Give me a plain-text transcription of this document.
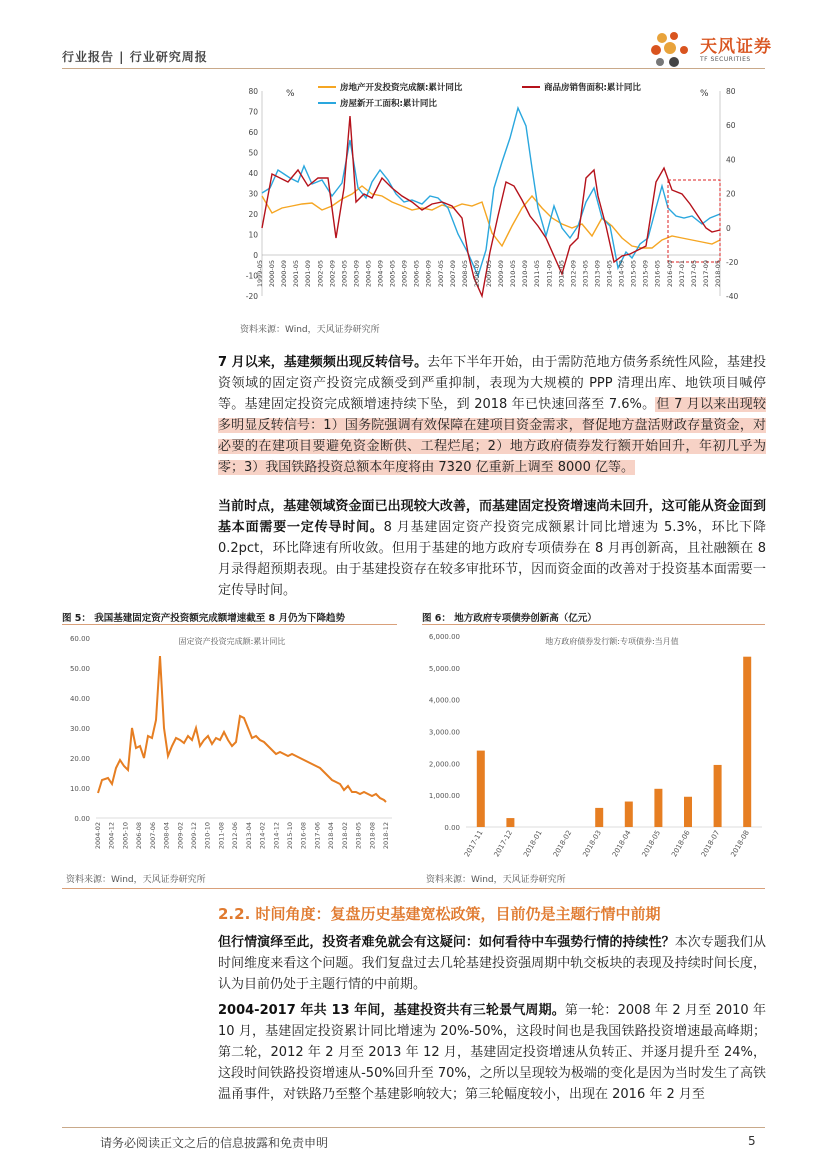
行业报告 | 行业研究周报	天风证券
TF SECURITIES
房地产开发投资完成额:累计同比	商品房销售面积:累计同比
房屋新开工面积:累计同比
%	%
80
70
60
50
40
30
20
10
0
-10
-20
80
60
40
20
0
-20
-40
1999-05 2000-05 2000-09 2001-05 2001-09 2002-05 2002-09 2003-05 2003-09 2004-05 2004-09 2005-05 2005-09 2006-05 2006-09 2007-05 2007-09 2008-05 2008-09 2009-05 2009-09 2010-05 2010-09 2011-05 2011-09 2012-05 2012-09 2013-05 2013-09 2014-05 2014-09 2015-05 2015-09 2016-05 2016-09 2017-01 2017-05 2017-09 2018-05
资料来源：Wind，天风证券研究所
7 月以来，基建频频出现反转信号。去年下半年开始，由于需防范地方债务系统性风险，基建投资领域的固定资产投资完成额受到严重抑制，表现为大规模的 PPP 清理出库、地铁项目喊停等。基建固定投资完成额增速持续下坠，到 2018 年已快速回落至 7.6%。但 7 月以来出现较多明显反转信号：1）国务院强调有效保障在建项目资金需求，督促地方盘活财政存量资金，对必要的在建项目要避免资金断供、工程烂尾；2）地方政府债券发行额开始回升，年初几乎为零；3）我国铁路投资总额本年度将由 7320 亿重新上调至 8000 亿等。
当前时点，基建领域资金面已出现较大改善，而基建固定投资增速尚未回升，这可能从资金面到基本面需要一定传导时间。8 月基建固定资产投资完成额累计同比增速为 5.3%，环比下降 0.2pct，环比降速有所收敛。但用于基建的地方政府专项债券在 8 月再创新高，且社融额在 8 月录得超预期表现。由于基建投资存在较多审批环节，因而资金面的改善对于投资基本面需要一定传导时间。
图 5： 我国基建固定资产投资额完成额增速截至 8 月仍为下降趋势	图 6： 地方政府专项债券创新高（亿元）
固定资产投资完成额:累计同比
60.00
50.00
40.00
30.00
20.00
10.00
0.00
2004-02 2004-12 2005-10 2006-08 2007-06 2008-04 2009-02 2009-12 2010-10 2011-08 2012-06 2013-04 2014-02 2014-12 2015-10 2016-08 2017-06 2018-04 2018-02 2018-05 2018-08 2018-12
资料来源：Wind，天风证券研究所
地方政府债券发行额:专项债券:当月值
6,000.00
5,000.00
4,000.00
3,000.00
2,000.00
1,000.00
0.00
2017-11 2017-12 2018-01 2018-02 2018-03 2018-04 2018-05 2018-06 2018-07 2018-08
资料来源：Wind，天风证券研究所
2.2. 时间角度：复盘历史基建宽松政策，目前仍是主题行情中前期
但行情演绎至此，投资者难免就会有这疑问：如何看待中车强势行情的持续性？本次专题我们从时间维度来看这个问题。我们复盘过去几轮基建投资强周期中轨交板块的表现及持续时间长度，认为目前仍处于主题行情的中前期。
2004-2017 年共 13 年间，基建投资共有三轮景气周期。第一轮：2008 年 2 月至 2010 年 10 月，基建固定投资累计同比增速为 20%-50%，这段时间也是我国铁路投资增速最高峰期；第二轮，2012 年 2 月至 2013 年 12 月，基建固定投资增速从负转正、并逐月提升至 24%，这段时间铁路投资增速从-50%回升至 70%，之所以呈现较为极端的变化是因为当时发生了高铁温甬事件，对铁路乃至整个基建影响较大；第三轮幅度较小，出现在 2016 年 2 月至
请务必阅读正文之后的信息披露和免责申明	5
